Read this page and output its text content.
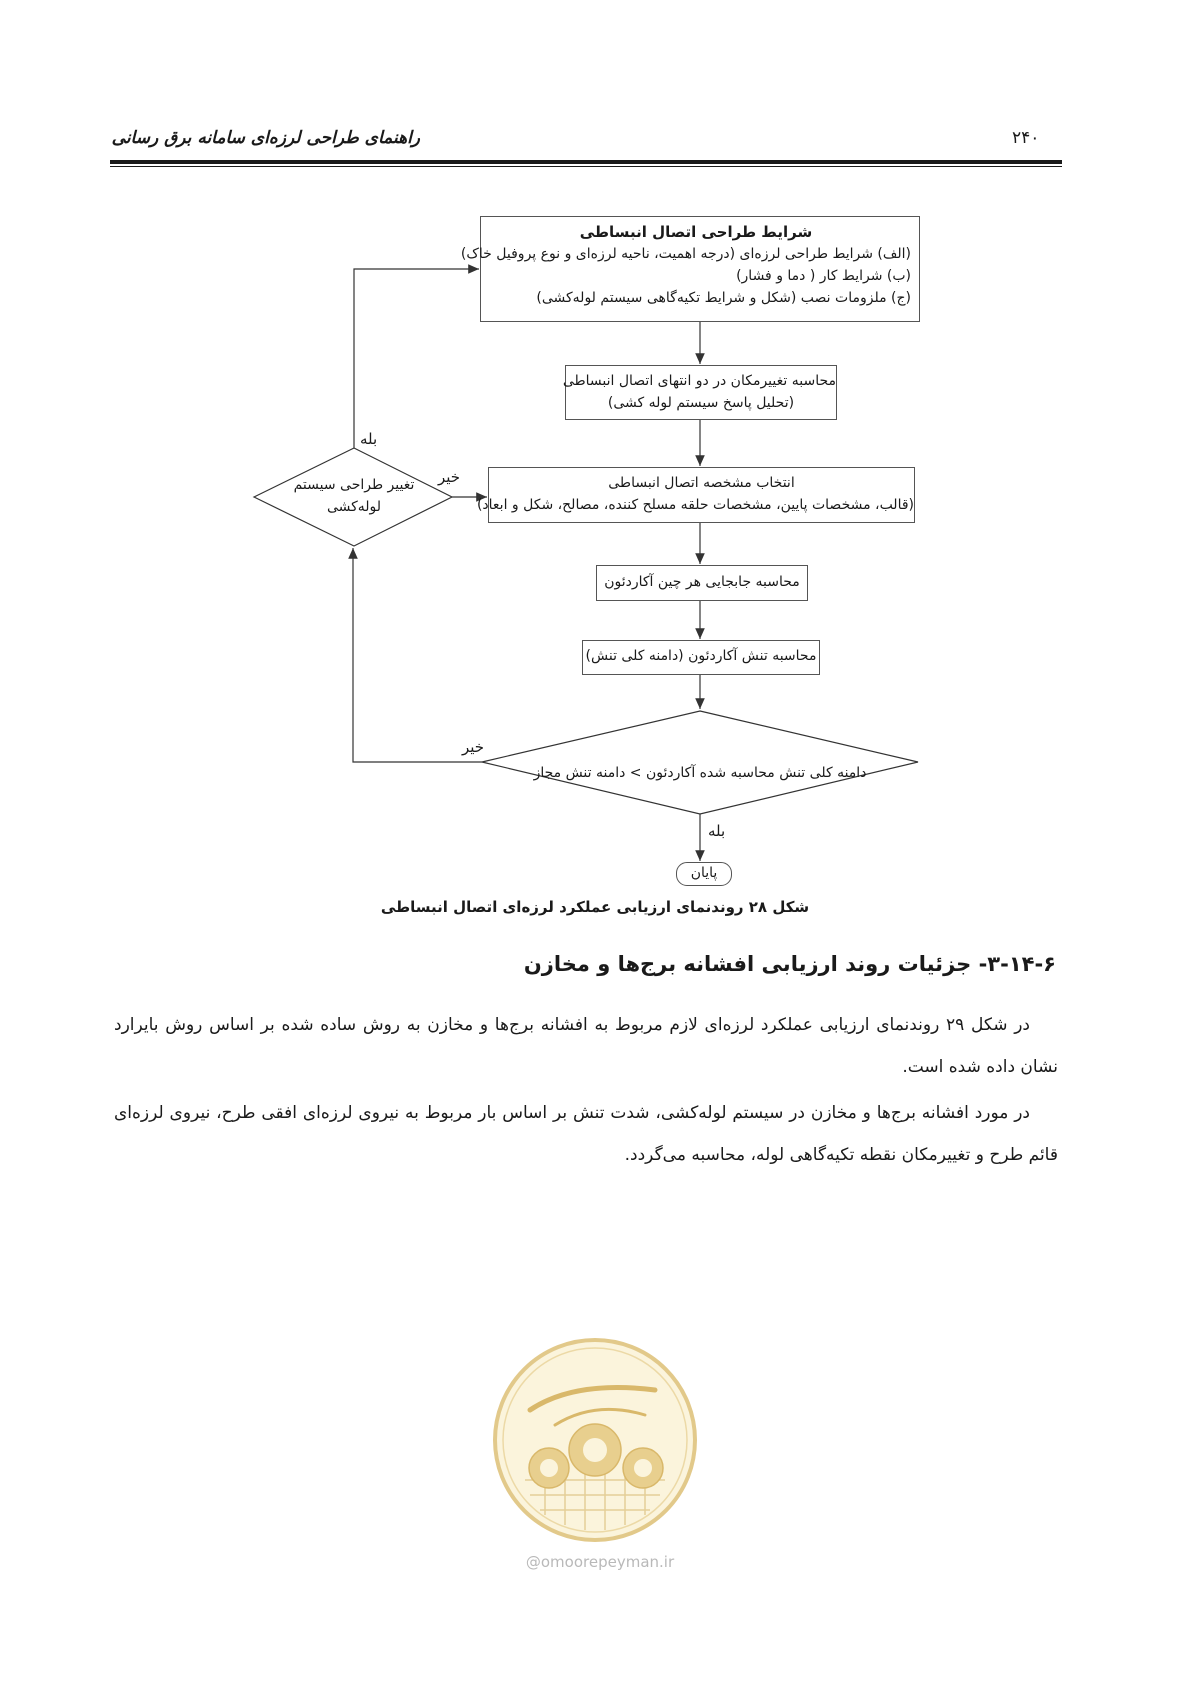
۲۴۰
راهنمای طراحی لرزه‌ای سامانه برق رسانی
شرایط طراحی اتصال انبساطی
(الف) شرایط طراحی لرزه‌ای (درجه اهمیت، ناحیه لرزه‌ای و نوع پروفیل خاک)
(ب) شرایط کار ( دما و فشار)
(ج) ملزومات نصب (شکل و شرایط تکیه‌گاهی سیستم لوله‌کشی)
محاسبه تغییرمکان در دو انتهای اتصال انبساطی
(تحلیل پاسخ سیستم لوله کشی)
انتخاب مشخصه اتصال انبساطی
(قالب، مشخصات پایین، مشخصات حلقه مسلح کننده، مصالح، شکل و ابعاد)
محاسبه جابجایی هر چین آکاردئون
محاسبه تنش آکاردئون (دامنه کلی تنش)
تغییر طراحی سیستم
لوله‌کشی
دامنه کلی تنش محاسبه شده آکاردئون > دامنه تنش مجاز
بله
خیر
خیر
بله
پایان
شکل ۲۸ روندنمای ارزیابی عملکرد لرزه‌ای اتصال انبساطی
۳-۱۴-۶- جزئیات روند ارزیابی افشانه برج‌ها و مخازن
در شکل ۲۹ روندنمای ارزیابی عملکرد لرزه‌ای لازم مربوط به افشانه برج‌ها و مخازن به روش ساده شده بر اساس روش بایرارد نشان داده شده است.
در مورد افشانه برج‌ها و مخازن در سیستم لوله‌کشی، شدت تنش بر اساس بار مربوط به نیروی لرزه‌ای افقی طرح، نیروی لرزه‌ای قائم طرح و تغییرمکان نقطه تکیه‌گاهی لوله، محاسبه می‌گردد.
@omoorepeyman.ir
